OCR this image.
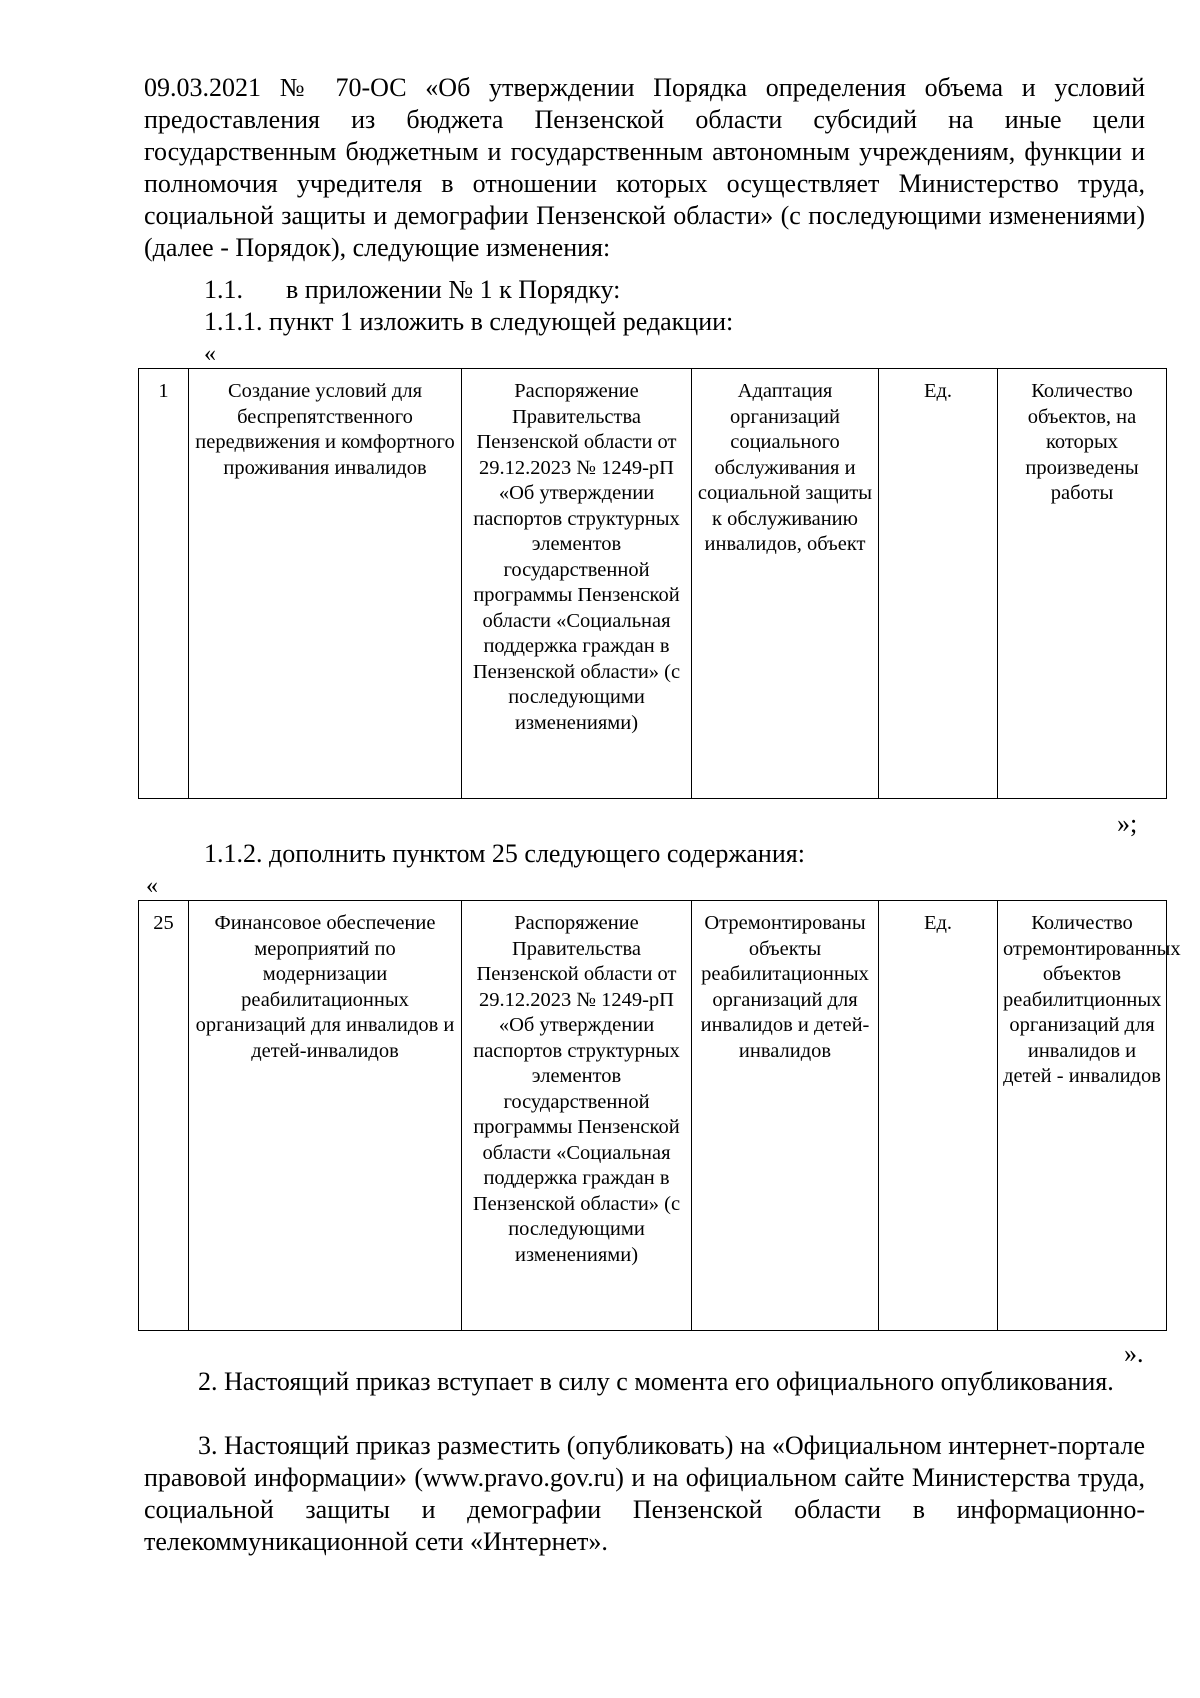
09.03.2021 № 70-ОС «Об утверждении Порядка определения объема и условий предоставления из бюджета Пензенской области субсидий на иные цели государственным бюджетным и государственным автономным учреждениям, функции и полномочия учредителя в отношении которых осуществляет Министерство труда, социальной защиты и демографии Пензенской области» (с последующими изменениями) (далее - Порядок), следующие изменения:

1.1. в приложении № 1 к Порядку:

1.1.1. пункт 1 изложить в следующей редакции:

«

1	Создание условий для беспрепятственного передвижения и комфортного проживания инвалидов	Распоряжение Правительства Пензенской области от 29.12.2023 № 1249-рП «Об утверждении паспортов структурных элементов государственной программы Пензенской области «Социальная поддержка граждан в Пензенской области» (с последующими изменениями)	Адаптация организаций социального обслуживания и социальной защиты к обслуживанию инвалидов, объект	Ед.	Количество объектов, на которых произведены работы

»;

1.1.2. дополнить пунктом 25 следующего содержания:

«

25	Финансовое обеспечение мероприятий по модернизации реабилитационных организаций для инвалидов и детей-инвалидов	Распоряжение Правительства Пензенской области от 29.12.2023 № 1249-рП «Об утверждении паспортов структурных элементов государственной программы Пензенской области «Социальная поддержка граждан в Пензенской области» (с последующими изменениями)	Отремонтированы объекты реабилитационных организаций для инвалидов и детей-инвалидов	Ед.	Количество отремонтированных объектов реабилитционных организаций для инвалидов и детей - инвалидов

».

2. Настоящий приказ вступает в силу с момента его официального опубликования.

3. Настоящий приказ разместить (опубликовать) на «Официальном интернет-портале правовой информации» (www.pravo.gov.ru) и на официальном сайте Министерства труда, социальной защиты и демографии Пензенской области в информационно-телекоммуникационной сети «Интернет».
